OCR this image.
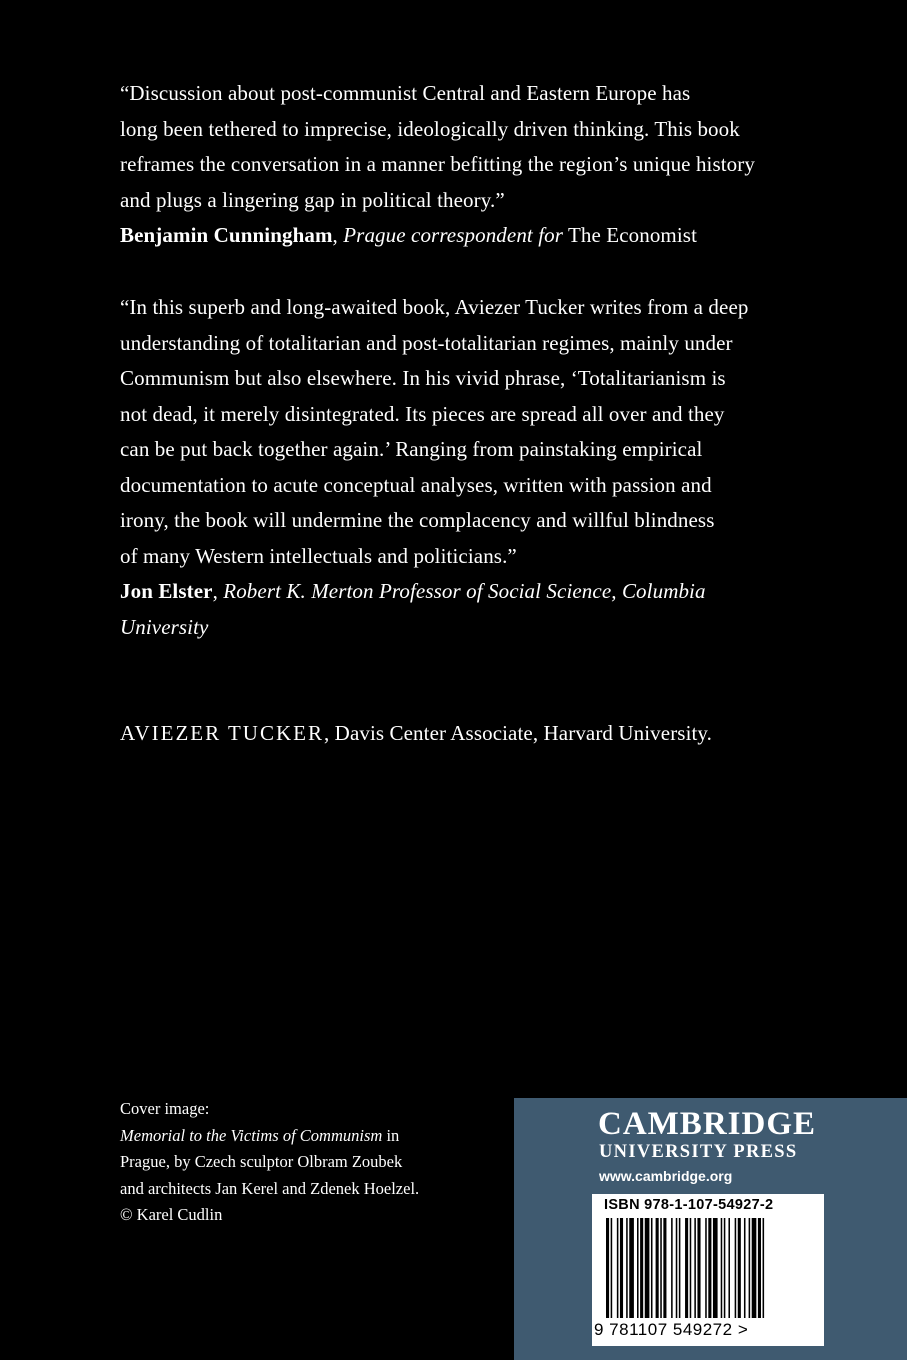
“Discussion about post-communist Central and Eastern Europe has
long been tethered to imprecise, ideologically driven thinking. This book
reframes the conversation in a manner befitting the region’s unique history
and plugs a lingering gap in political theory.”
Benjamin Cunningham, Prague correspondent for The Economist
“In this superb and long-awaited book, Aviezer Tucker writes from a deep
understanding of totalitarian and post-totalitarian regimes, mainly under
Communism but also elsewhere. In his vivid phrase, ‘Totalitarianism is
not dead, it merely disintegrated. Its pieces are spread all over and they
can be put back together again.’ Ranging from painstaking empirical
documentation to acute conceptual analyses, written with passion and
irony, the book will undermine the complacency and willful blindness
of many Western intellectuals and politicians.”
Jon Elster, Robert K. Merton Professor of Social Science, Columbia
University
AVIEZER TUCKER, Davis Center Associate, Harvard University.
Cover image:
Memorial to the Victims of Communism in
Prague, by Czech sculptor Olbram Zoubek
and architects Jan Kerel and Zdenek Hoelzel.
© Karel Cudlin
CAMBRIDGE
UNIVERSITY PRESS
www.cambridge.org
ISBN 978-1-107-54927-2
9 781107 549272 >
